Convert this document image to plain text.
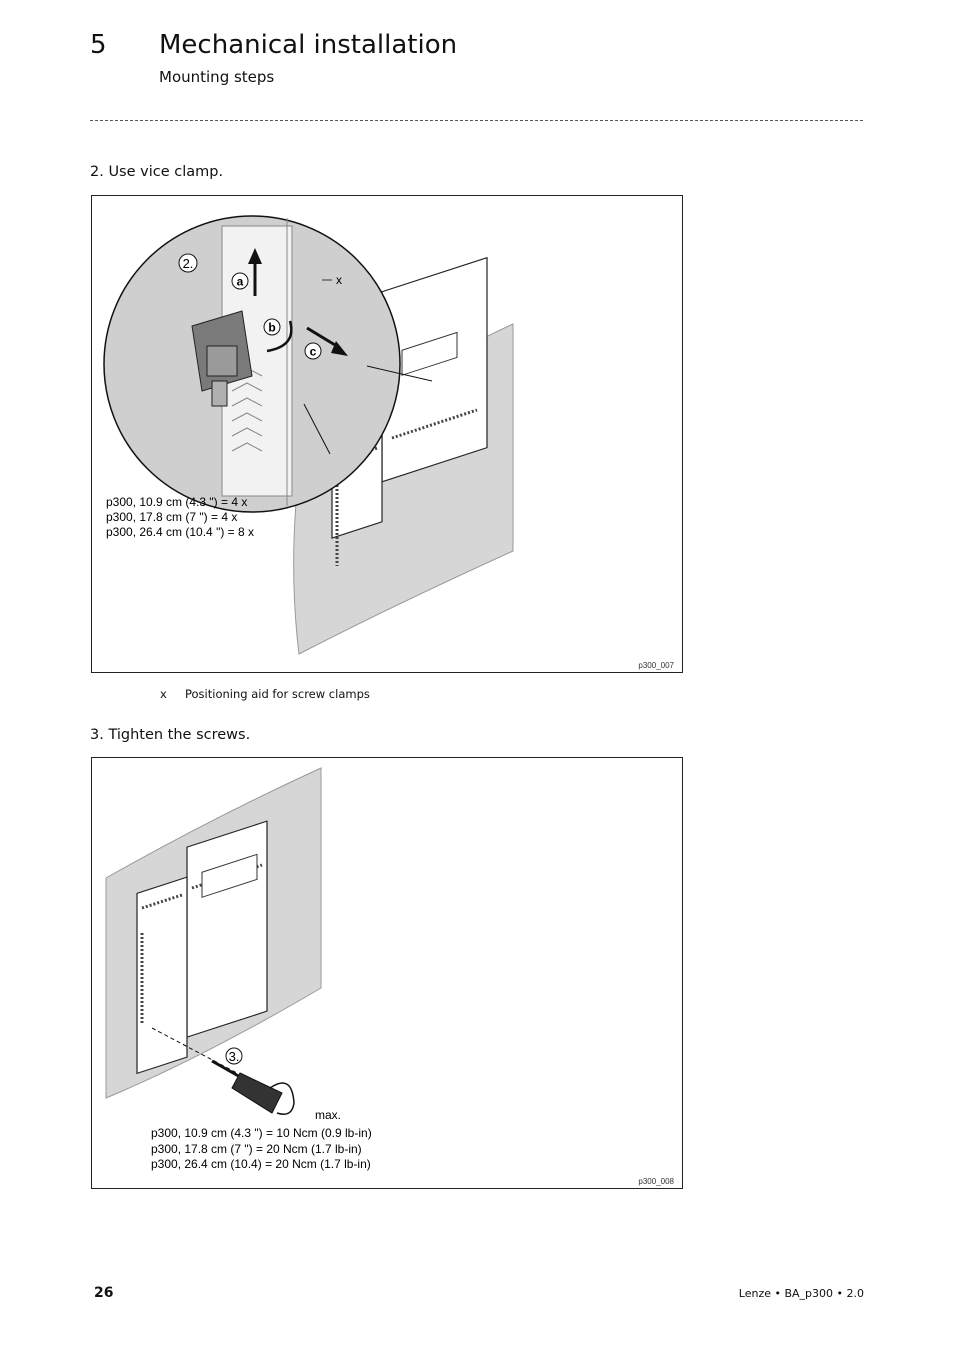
5 Mechanical installation
Mounting steps
2. Use vice clamp.
2.
a
b
c
x
p300, 10.9 cm (4.3 ") = 4 x
p300, 17.8 cm (7 ") = 4 x
p300, 26.4 cm (10.4 ") = 8 x
p300_007
x Positioning aid for screw clamps
3. Tighten the screws.
3.
max.
p300, 10.9 cm (4.3 ") = 10 Ncm (0.9 lb-in)
p300, 17.8 cm (7 ") = 20 Ncm (1.7 lb-in)
p300, 26.4 cm (10.4) = 20 Ncm (1.7 lb-in)
p300_008
26	Lenze • BA_p300 • 2.0
